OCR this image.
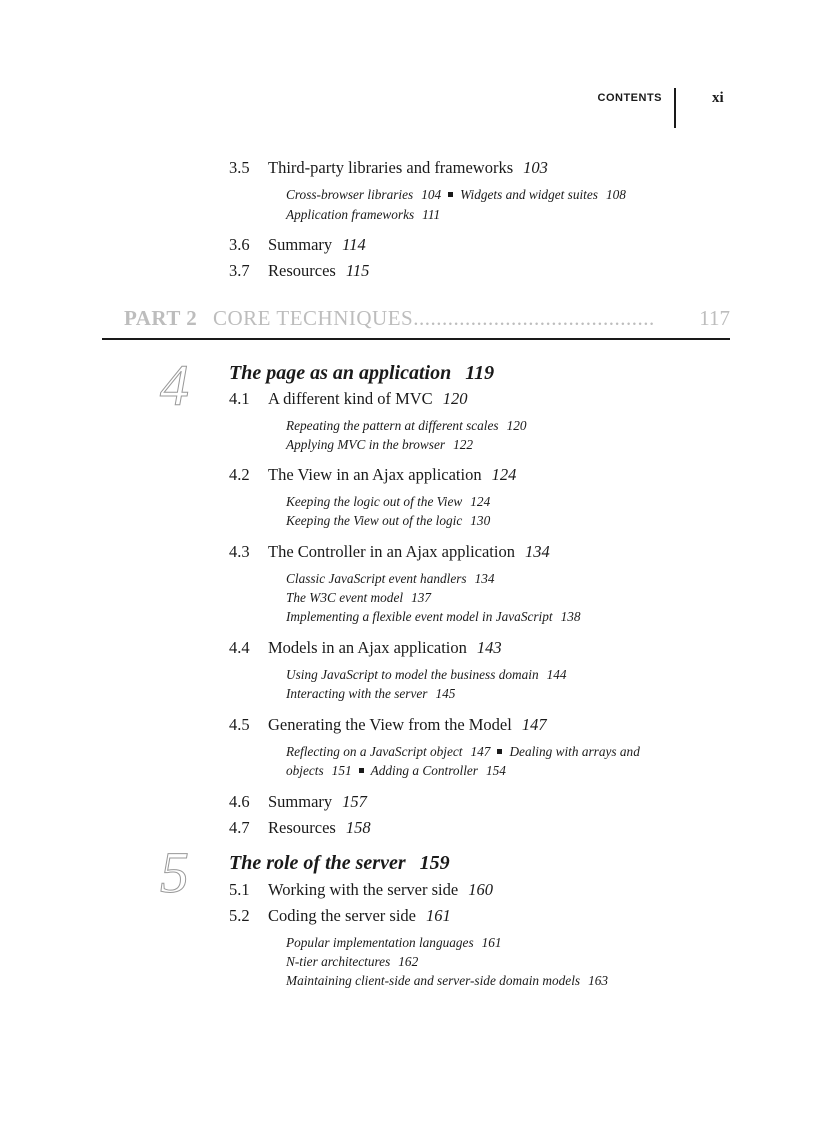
CONTENTS	xi
3.5 Third-party libraries and frameworks 103
Cross-browser libraries 104 Widgets and widget suites 108
Application frameworks 111
3.6 Summary 114
3.7 Resources 115
PART 2 CORE TECHNIQUES.......................................... 117
4 The page as an application 119
4.1 A different kind of MVC 120
Repeating the pattern at different scales 120
Applying MVC in the browser 122
4.2 The View in an Ajax application 124
Keeping the logic out of the View 124
Keeping the View out of the logic 130
4.3 The Controller in an Ajax application 134
Classic JavaScript event handlers 134
The W3C event model 137
Implementing a flexible event model in JavaScript 138
4.4 Models in an Ajax application 143
Using JavaScript to model the business domain 144
Interacting with the server 145
4.5 Generating the View from the Model 147
Reflecting on a JavaScript object 147 Dealing with arrays and
objects 151 Adding a Controller 154
4.6 Summary 157
4.7 Resources 158
5 The role of the server 159
5.1 Working with the server side 160
5.2 Coding the server side 161
Popular implementation languages 161
N-tier architectures 162
Maintaining client-side and server-side domain models 163
